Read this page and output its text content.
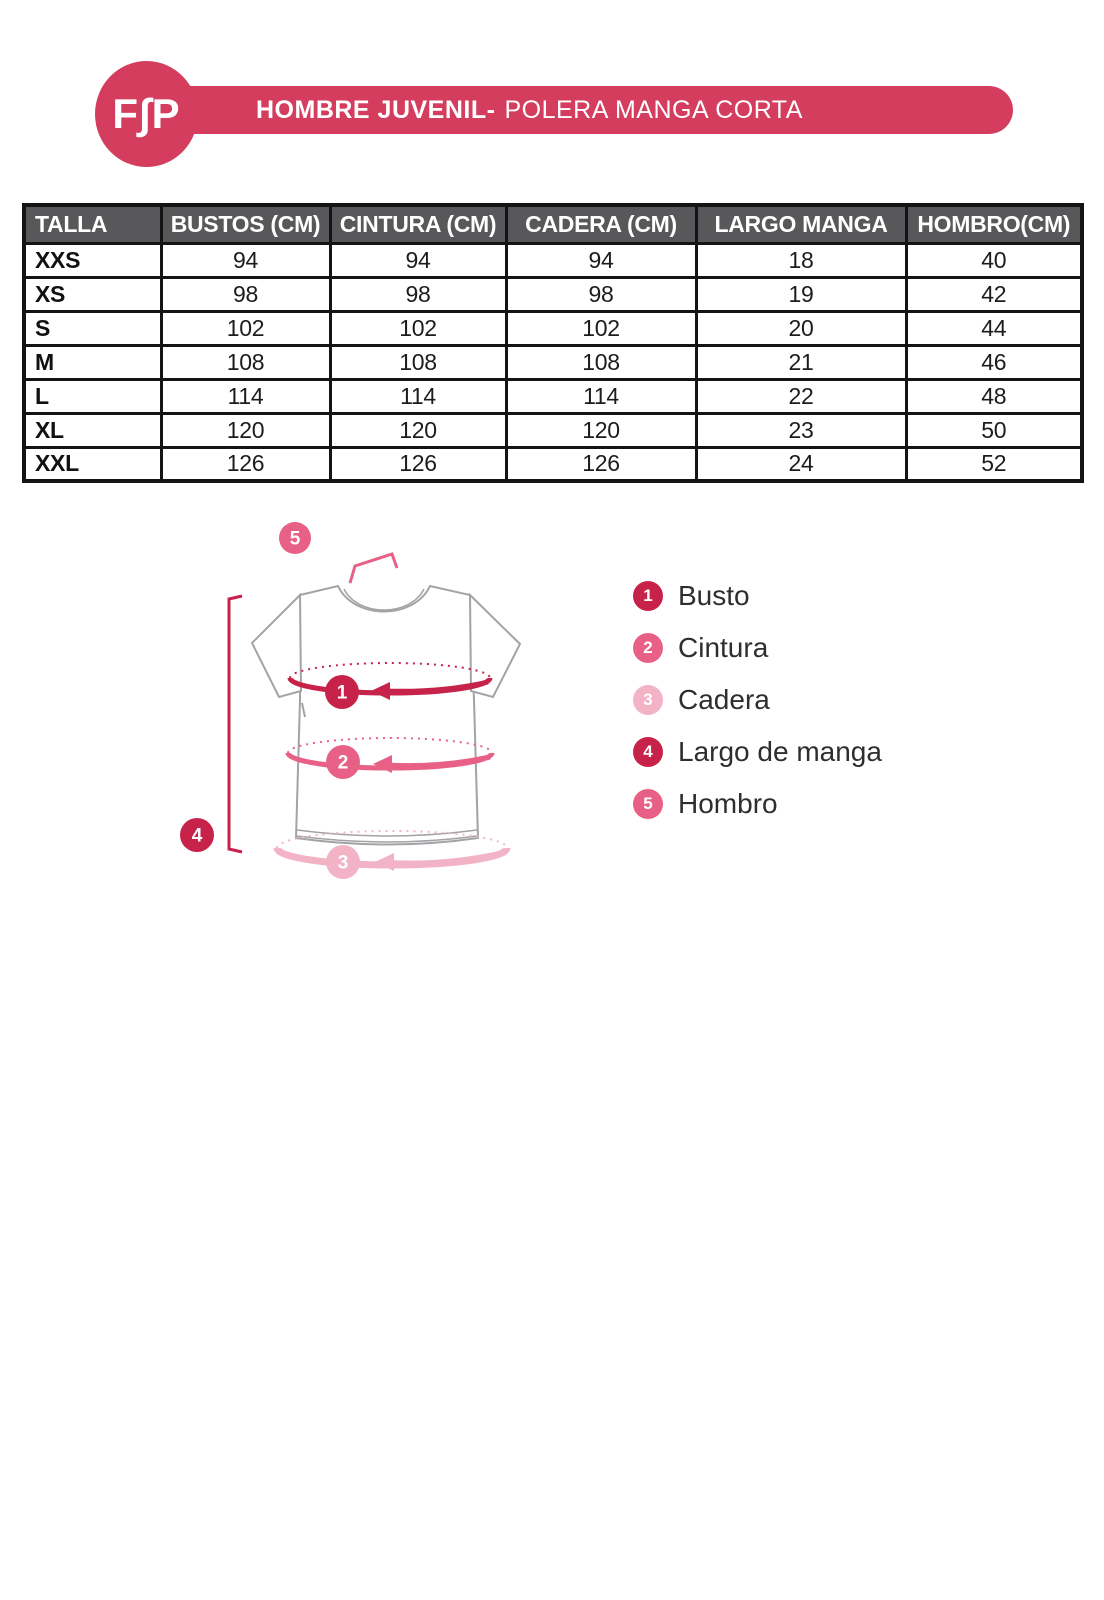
HOMBRE JUVENIL- POLERA MANGA CORTA
F∫P
TALLA	BUSTOS (CM)	CINTURA (CM)	CADERA (CM)	LARGO MANGA	HOMBRO(CM)
XXS	94	94	94	18	40
XS	98	98	98	19	42
S	102	102	102	20	44
M	108	108	108	21	46
L	114	114	114	22	48
XL	120	120	120	23	50
XXL	126	126	126	24	52
1
2
3
4
5
1 Busto
2 Cintura
3 Cadera
4 Largo de manga
5 Hombro
